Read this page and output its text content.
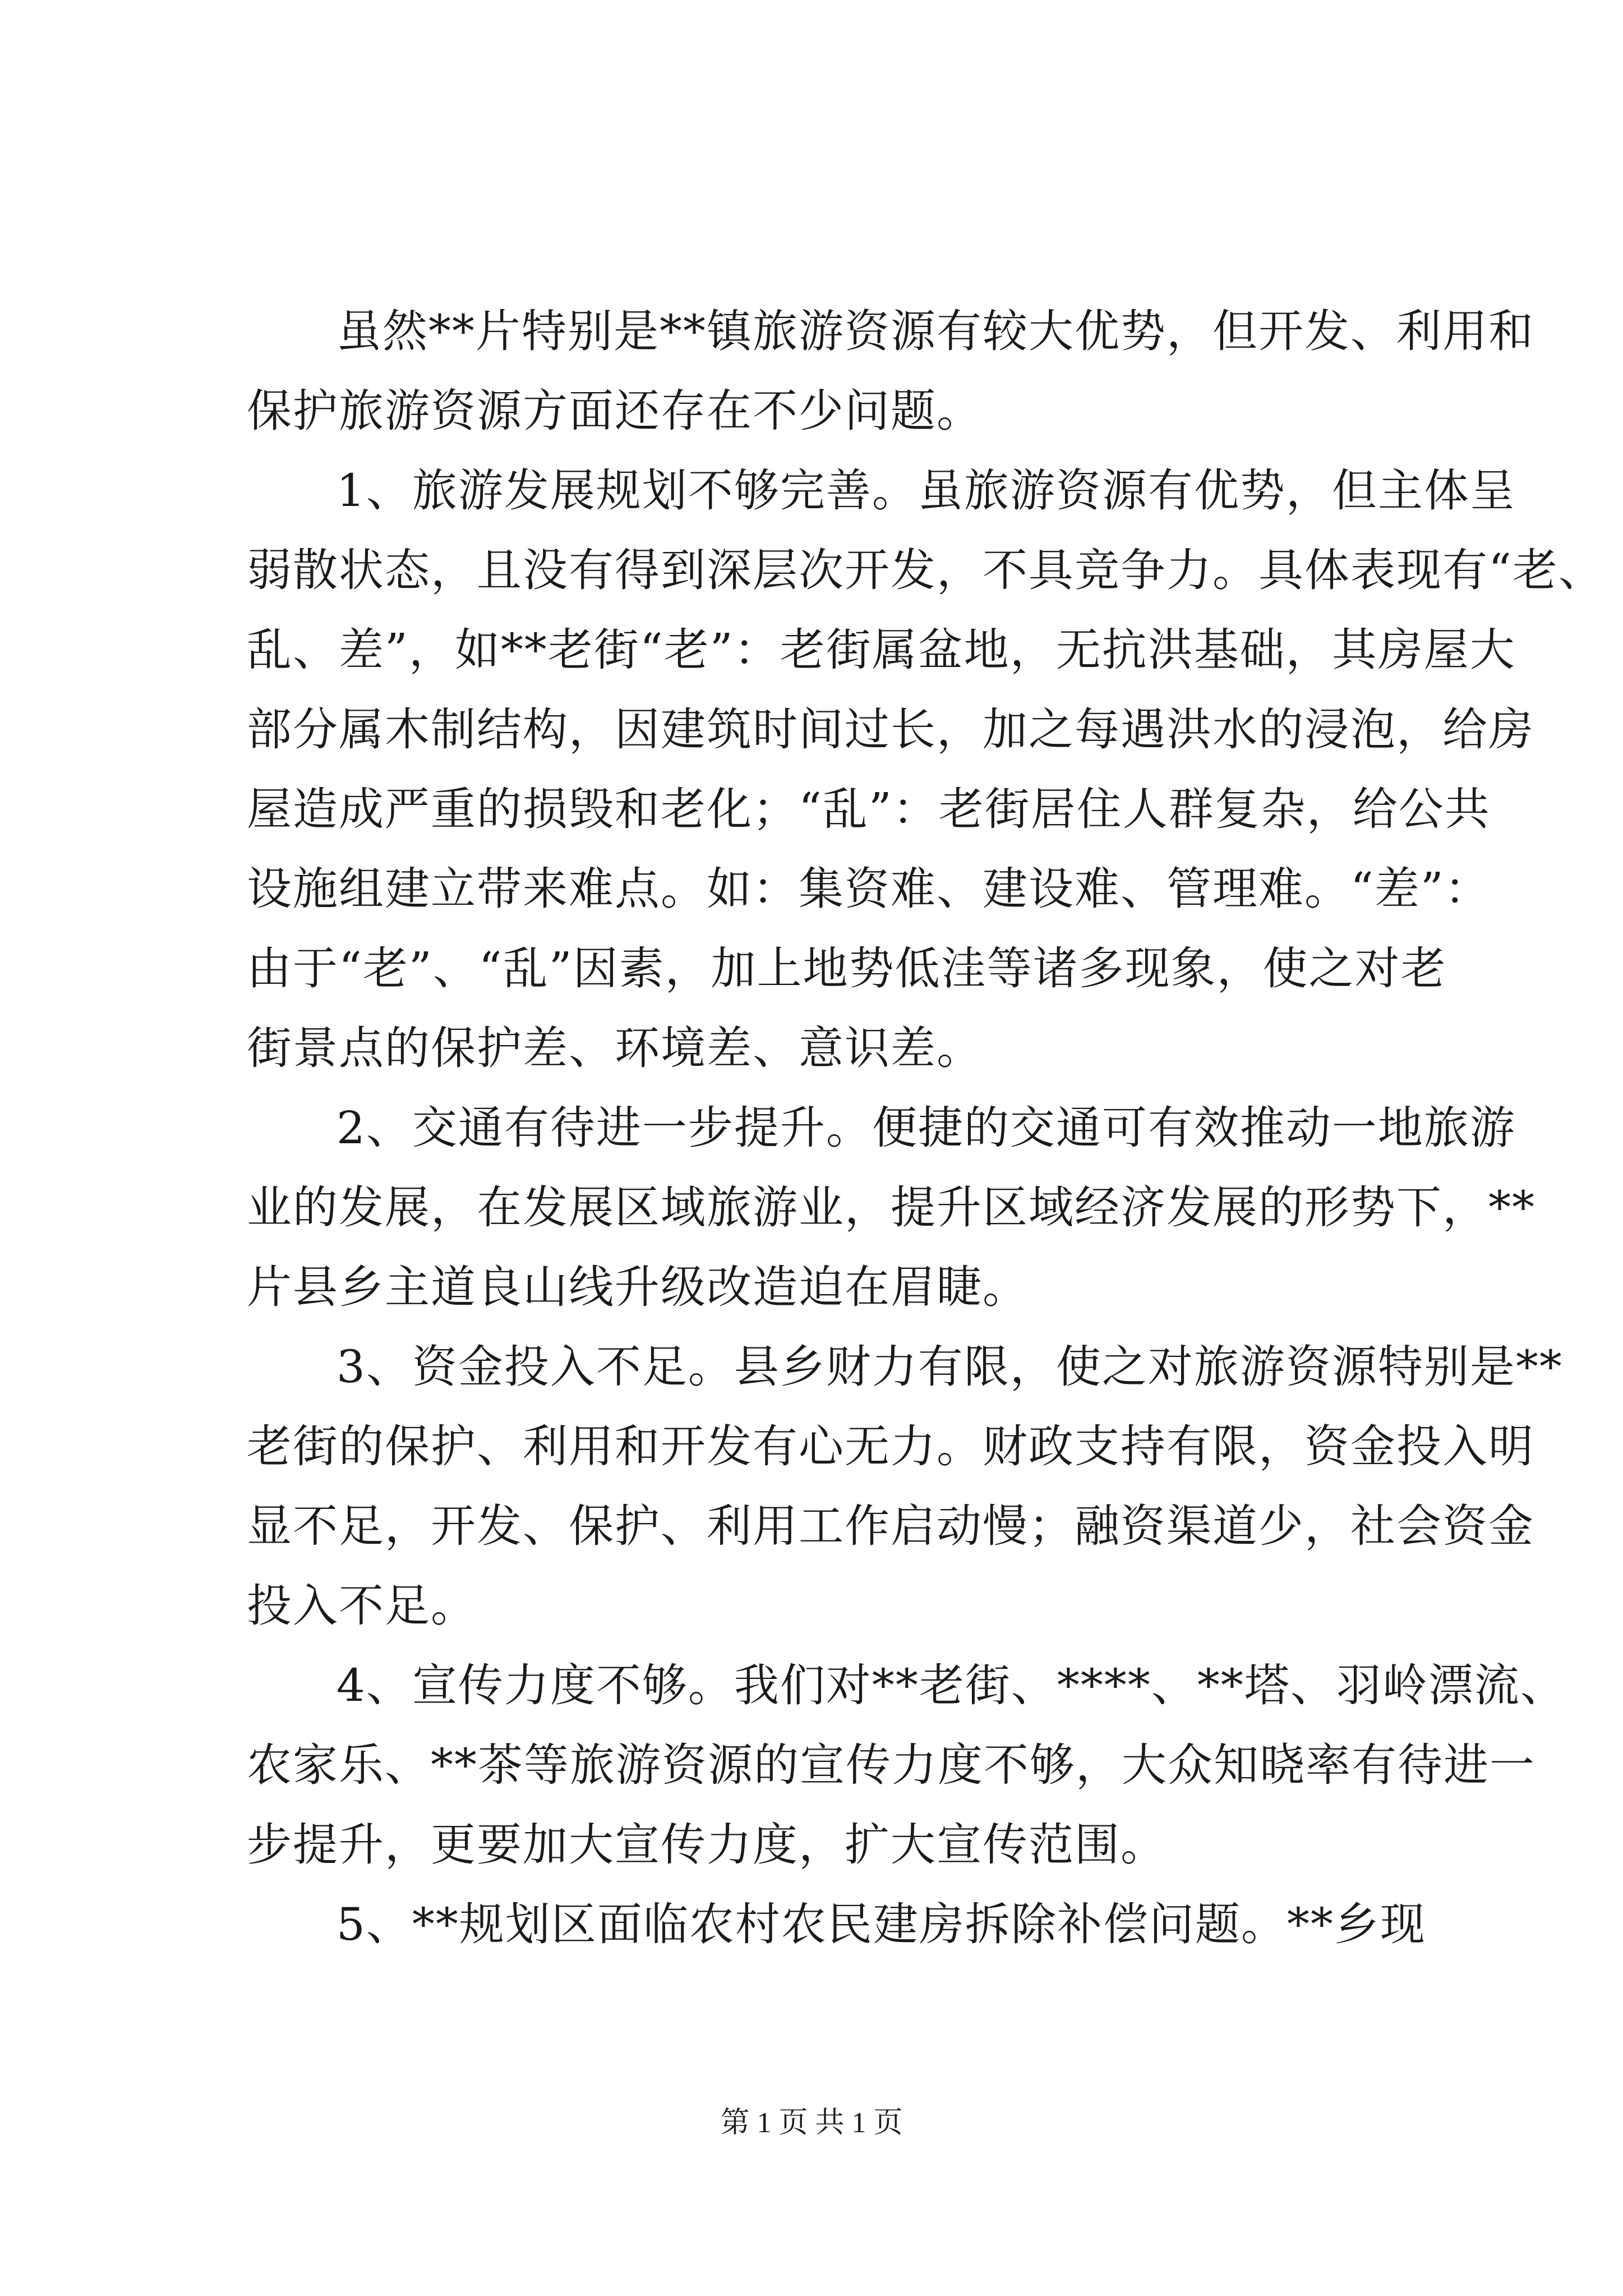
虽然**片特别是**镇旅游资源有较大优势，但开发、利用和
保护旅游资源方面还存在不少问题。
1、旅游发展规划不够完善。虽旅游资源有优势，但主体呈
弱散状态，且没有得到深层次开发，不具竞争力。具体表现有“老、
乱、差”，如**老街“老”：老街属盆地，无抗洪基础，其房屋大
部分属木制结构，因建筑时间过长，加之每遇洪水的浸泡，给房
屋造成严重的损毁和老化；“乱”：老街居住人群复杂，给公共
设施组建立带来难点。如：集资难、建设难、管理难。“差”：
由于“老”、“乱”因素，加上地势低洼等诸多现象，使之对老
街景点的保护差、环境差、意识差。
2、交通有待进一步提升。便捷的交通可有效推动一地旅游
业的发展，在发展区域旅游业，提升区域经济发展的形势下，**
片县乡主道良山线升级改造迫在眉睫。
3、资金投入不足。县乡财力有限，使之对旅游资源特别是**
老街的保护、利用和开发有心无力。财政支持有限，资金投入明
显不足，开发、保护、利用工作启动慢；融资渠道少，社会资金
投入不足。
4、宣传力度不够。我们对**老街、****、**塔、羽岭漂流、
农家乐、**茶等旅游资源的宣传力度不够，大众知晓率有待进一
步提升，更要加大宣传力度，扩大宣传范围。
5、**规划区面临农村农民建房拆除补偿问题。**乡现
第 1 页 共 1 页
